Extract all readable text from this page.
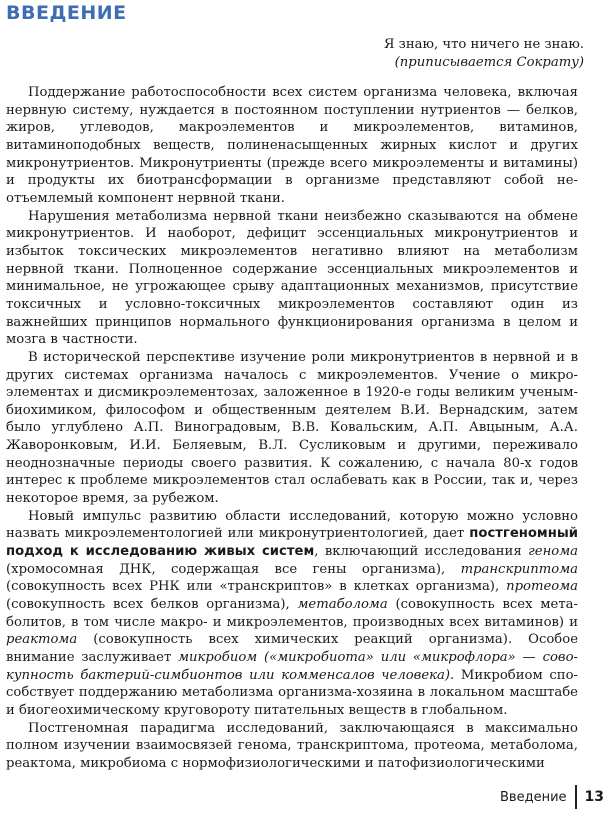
ВВЕДЕНИЕ
Я знаю, что ничего не знаю.
(приписывается Сократу)

Поддержание работоспособности всех систем организма человека, включая нервную систему, нуждается в постоянном поступлении нутриентов — белков, жиров, углеводов, макроэлементов и микроэлементов, витаминов, витаминоподобных веществ, полиненасыщенных жирных кислот и других микронутриентов. Микронутриенты (прежде всего микроэлементы и витамины) и продукты их биотрансформации в организме представляют собой неотъемлемый компонент нервной ткани.

Нарушения метаболизма нервной ткани неизбежно сказываются на обмене микронутриентов. И наоборот, дефицит эссенциальных микронутриентов и избыток токсических микроэлементов негативно влияют на метаболизм нервной ткани. Полноценное содержание эссенциальных микроэлементов и минимальное, не угрожающее срыву адаптационных механизмов, присутствие токсичных и условно-токсичных микроэлементов составляют один из важнейших принципов нормального функционирования организма в целом и мозга в частности.

В исторической перспективе изучение роли микронутриентов в нервной и в других системах организма началось с микроэлементов. Учение о микроэлементах и дисмикроэлементозах, заложенное в 1920-е годы великим ученым-биохимиком, философом и общественным деятелем В.И. Вернадским, затем было углублено А.П. Виноградовым, В.В. Ковальским, А.П. Авцыным, А.А. Жаворонковым, И.И. Беляевым, В.Л. Сусликовым и другими, переживало неоднозначные периоды своего развития. К сожалению, с начала 80-х годов интерес к проблеме микроэлементов стал ослабевать как в России, так и, через некоторое время, за рубежом.

Новый импульс развитию области исследований, которую можно условно назвать микроэлементологией или микронутриентологией, дает постгеномный подход к исследованию живых систем, включающий исследования генома (хромосомная ДНК, содержащая все гены организма), транскриптома (совокупность всех РНК или «транскриптов» в клетках организма), протеома (совокупность всех белков организма), метаболома (совокупность всех метаболитов, в том числе макро- и микроэлементов, производных всех витаминов) и реактома (совокупность всех химических реакций организма). Особое внимание заслуживает микробиом («микробиота» или «микрофлора» — совокупность бактерий-симбионтов или комменсалов человека). Микробиом способствует поддержанию метаболизма организма-хозяина в локальном масштабе и биогеохимическому круговороту питательных веществ в глобальном.

Постгеномная парадигма исследований, заключающаяся в максимально полном изучении взаимосвязей генома, транскриптома, протеома, метаболома, реактома, микробиома с нормофизиологическими и патофизиологическими

Введение 13
